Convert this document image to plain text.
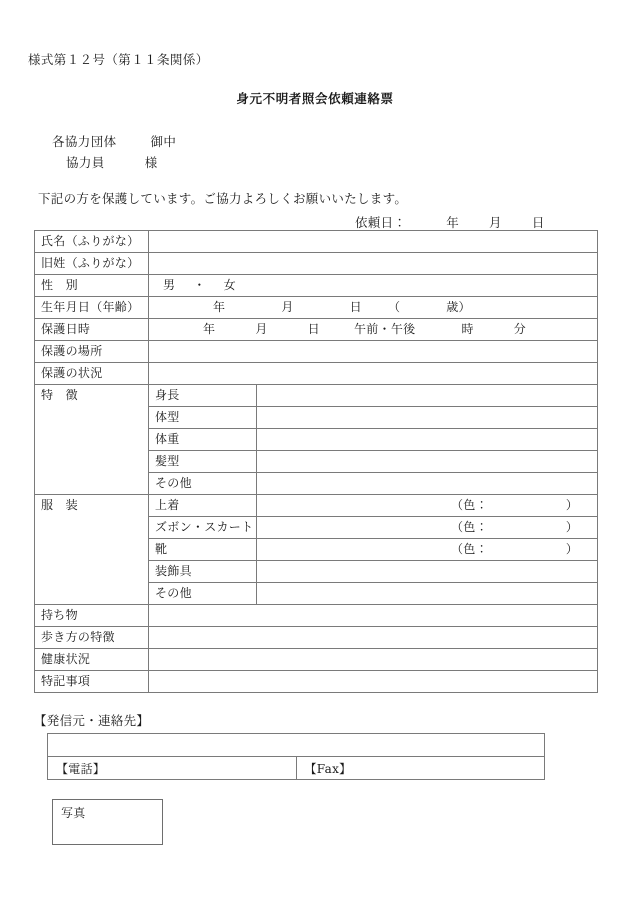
様式第１２号（第１１条関係）
身元不明者照会依頼連絡票
各協力団体	御中
協力員	様
下記の方を保護しています。ご協力よろしくお願いいたします。
依頼日：	年 月 日
氏名（ふりがな）		
旧姓（ふりがな）		
性　別	男 ・ 女	
生年月日（年齢）	年 月 日 （ 歳）	
保護日時	年 月 日 午前・午後 時 分	
保護の場所		
保護の状況		
特　徴	身長	
	体型	
	体重	
	髪型	
	その他	
服　装	上着	（色： ）
	ズボン・スカート	（色： ）
	靴	（色： ）
	装飾具	
	その他	
持ち物		
歩き方の特徴		
健康状況		
特記事項		
【発信元・連絡先】

【電話】	【Fax】
写真
